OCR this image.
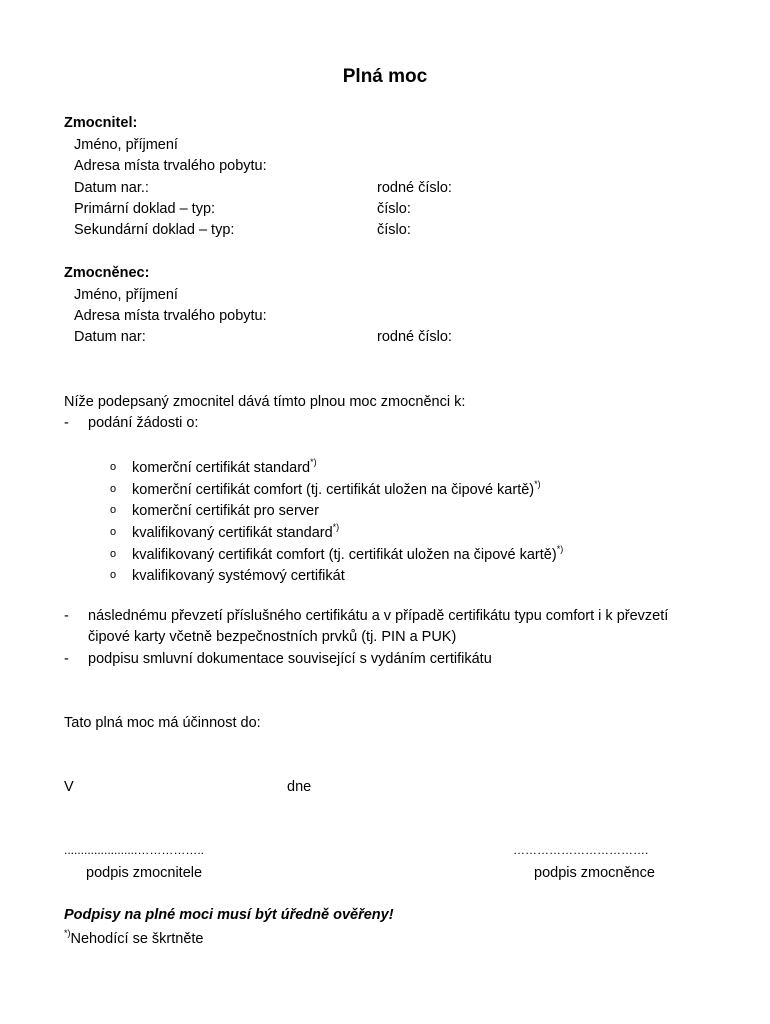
Plná moc
Zmocnitel:
Jméno, příjmení
Adresa místa trvalého pobytu:
Datum nar.:	rodné číslo:
Primární doklad – typ:	číslo:
Sekundární doklad – typ:	číslo:
Zmocněnec:
Jméno, příjmení
Adresa místa trvalého pobytu:
Datum nar:	rodné číslo:
Níže podepsaný zmocnitel dává tímto plnou moc zmocněnci k:
- podání žádosti o:
o komerční certifikát standard*)
o komerční certifikát comfort (tj. certifikát uložen na čipové kartě)*)
o komerční certifikát pro server
o kvalifikovaný certifikát standard*)
o kvalifikovaný certifikát comfort (tj. certifikát uložen na čipové kartě)*)
o kvalifikovaný systémový certifikát
- následnému převzetí příslušného certifikátu a v případě certifikátu typu comfort i k převzetí
čipové karty včetně bezpečnostních prvků (tj. PIN a PUK)
- podpisu smluvní dokumentace související s vydáním certifikátu
Tato plná moc má účinnost do:
V	dne
......................……………..	…………………………….
podpis zmocnitele	podpis zmocněnce
Podpisy na plné moci musí být úředně ověřeny!
*)Nehodící se škrtněte
